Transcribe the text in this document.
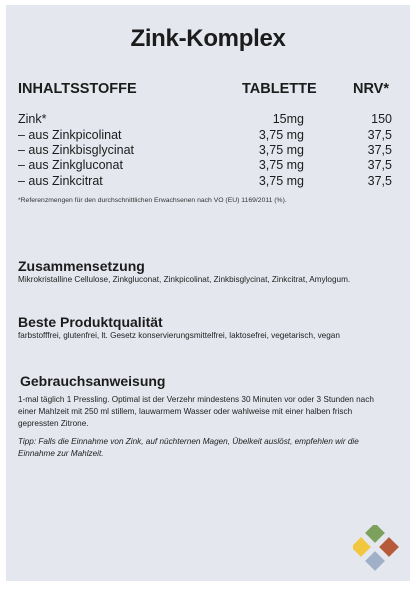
Zink-Komplex
INHALTSSTOFFE	TABLETTE	NRV*
Zink*	15mg	150
– aus Zinkpicolinat	3,75 mg	37,5
– aus Zinkbisglycinat	3,75 mg	37,5
– aus Zinkgluconat	3,75 mg	37,5
– aus Zinkcitrat	3,75 mg	37,5
*Referenzmengen für den durchschnittlichen Erwachsenen nach VO (EU) 1169/2011 (%).
Zusammensetzung
Mikrokristalline Cellulose, Zinkgluconat, Zinkpicolinat, Zinkbisglycinat, Zinkcitrat, Amylogum.
Beste Produktqualität
farbstofffrei, glutenfrei, lt. Gesetz konservierungsmittelfrei, laktosefrei, vegetarisch, vegan
Gebrauchsanweisung
1-mal täglich 1 Pressling. Optimal ist der Verzehr mindestens 30 Minuten vor oder 3 Stunden nach einer Mahlzeit mit 250 ml stillem, lauwarmem Wasser oder wahlweise mit einer halben frisch gepressten Zitrone.
Tipp: Falls die Einnahme von Zink, auf nüchternen Magen, Übelkeit auslöst, empfehlen wir die Einnahme zur Mahlzeit.
